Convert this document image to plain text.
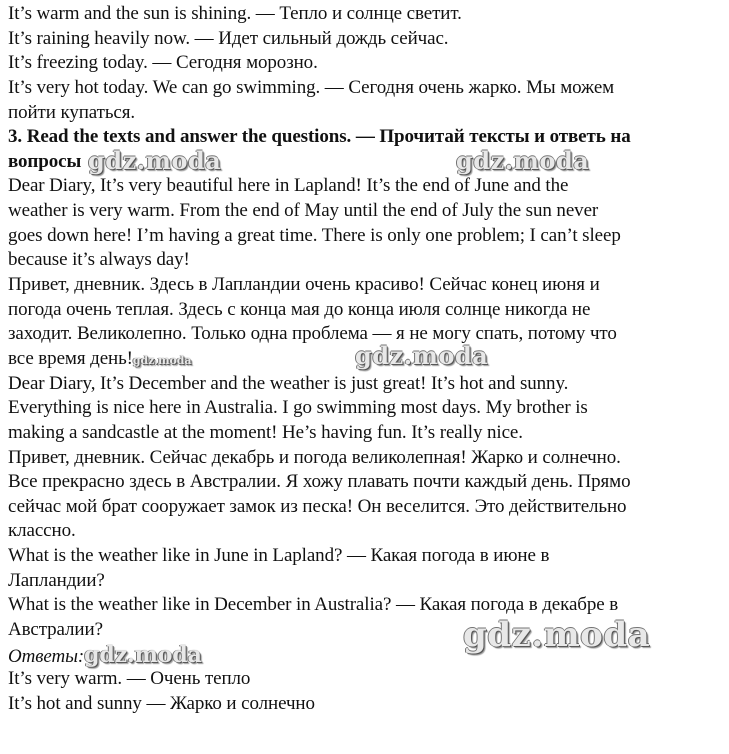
It’s warm and the sun is shining. — Тепло и солнце светит.
It’s raining heavily now. — Идет сильный дождь сейчас.
It’s freezing today. — Сегодня морозно.
It’s very hot today. We can go swimming. — Сегодня очень жарко. Мы можем
пойти купаться.
3. Read the texts and answer the questions. — Прочитай тексты и ответь на
вопросы
Dear Diary, It’s very beautiful here in Lapland! It’s the end of June and the
weather is very warm. From the end of May until the end of July the sun never
goes down here! I’m having a great time. There is only one problem; I can’t sleep
because it’s always day!
Привет, дневник. Здесь в Лапландии очень красиво! Сейчас конец июня и
погода очень теплая. Здесь с конца мая до конца июля солнце никогда не
заходит. Великолепно. Только одна проблема — я не могу спать, потому что
все время день!gdz.moda
Dear Diary, It’s December and the weather is just great! It’s hot and sunny.
Everything is nice here in Australia. I go swimming most days. My brother is
making a sandcastle at the moment! He’s having fun. It’s really nice.
Привет, дневник. Сейчас декабрь и погода великолепная! Жарко и солнечно.
Все прекрасно здесь в Австралии. Я хожу плавать почти каждый день. Прямо
сейчас мой брат сооружает замок из песка! Он веселится. Это действительно
классно.
What is the weather like in June in Lapland? — Какая погода в июне в
Лапландии?
What is the weather like in December in Australia? — Какая погода в декабре в
Австралии?
Ответы:gdz.moda
It’s very warm. — Очень тепло
It’s hot and sunny — Жарко и солнечно
gdz.moda	gdz.moda
gdz.moda
gdz.moda
